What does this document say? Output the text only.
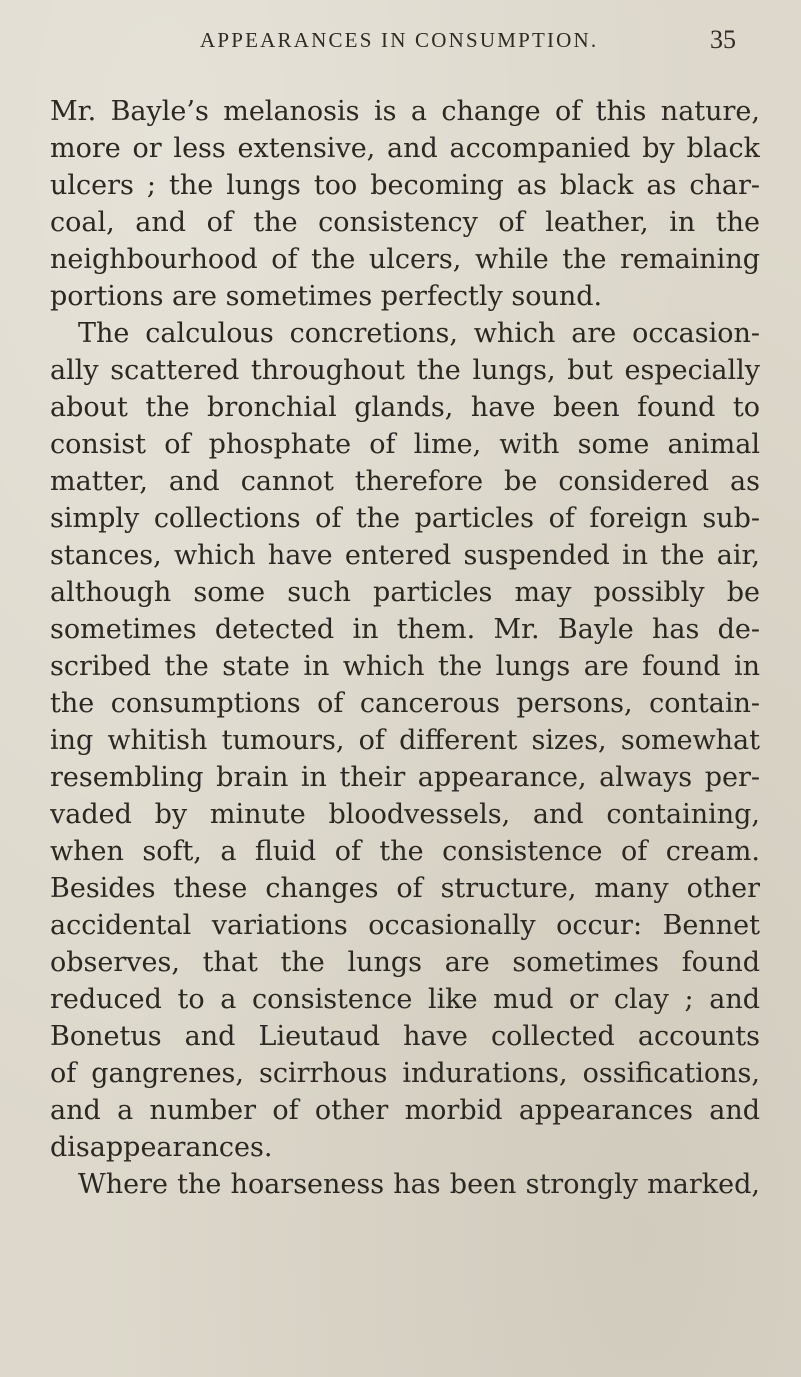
APPEARANCES IN CONSUMPTION.	35
Mr. Bayle’s melanosis is a change of this nature,
more or less extensive, and accompanied by black
ulcers ; the lungs too becoming as black as char-
coal, and of the consistency of leather, in the
neighbourhood of the ulcers, while the remaining
portions are sometimes perfectly sound.
The calculous concretions, which are occasion-
ally scattered throughout the lungs, but especially
about the bronchial glands, have been found to
consist of phosphate of lime, with some animal
matter, and cannot therefore be considered as
simply collections of the particles of foreign sub-
stances, which have entered suspended in the air,
although some such particles may possibly be
sometimes detected in them. Mr. Bayle has de-
scribed the state in which the lungs are found in
the consumptions of cancerous persons, contain-
ing whitish tumours, of different sizes, somewhat
resembling brain in their appearance, always per-
vaded by minute bloodvessels, and containing,
when soft, a fluid of the consistence of cream.
Besides these changes of structure, many other
accidental variations occasionally occur: Bennet
observes, that the lungs are sometimes found
reduced to a consistence like mud or clay ; and
Bonetus and Lieutaud have collected accounts
of gangrenes, scirrhous indurations, ossifications,
and a number of other morbid appearances and
disappearances.
Where the hoarseness has been strongly marked,
